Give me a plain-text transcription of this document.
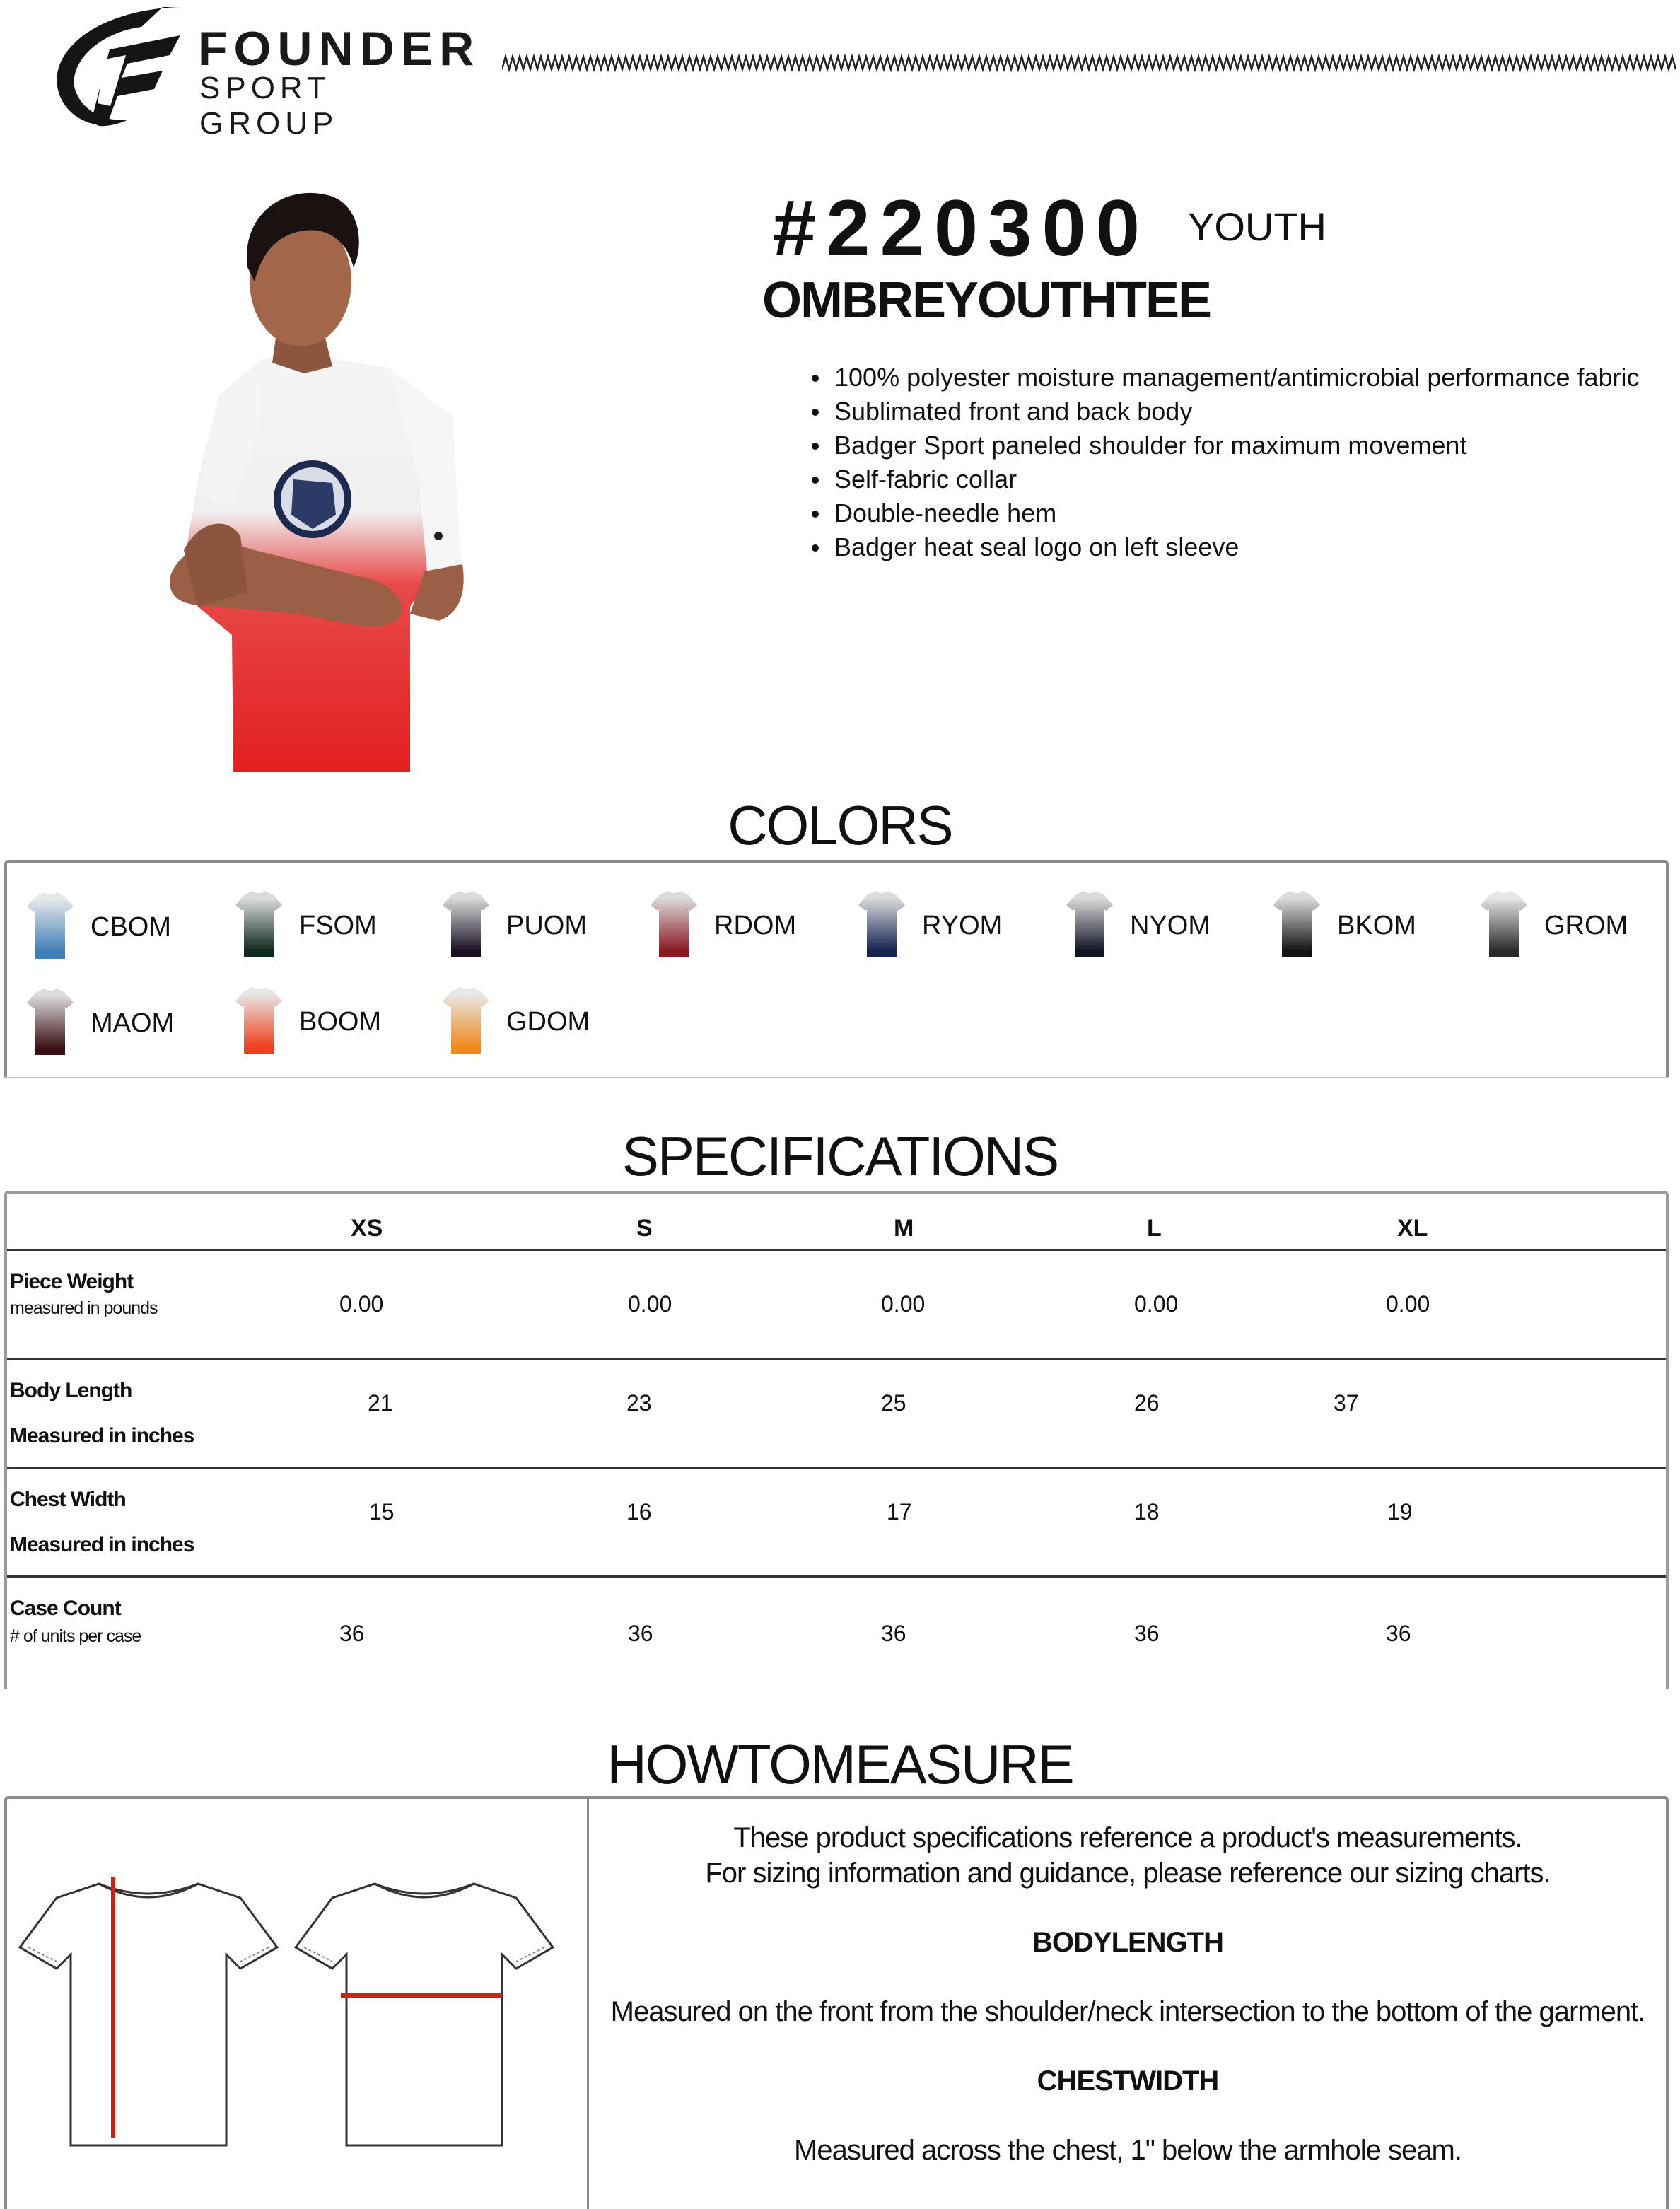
FOUNDER
SPORT GROUP
#220300 YOUTH
OMBREYOUTHTEE
100% polyester moisture management/antimicrobial performance fabric
Sublimated front and back body
Badger Sport paneled shoulder for maximum movement
Self-fabric collar
Double-needle hem
Badger heat seal logo on left sleeve
COLORS
CBOM	FSOM	PUOM	RDOM	RYOM	NYOM	BKOM	GROM
MAOM	BOOM	GDOM
SPECIFICATIONS
XS	S	M	L	XL
Piece Weight
measured in pounds	0.00	0.00	0.00	0.00	0.00
Body Length
Measured in inches
21	23	25	26	37
Chest Width
Measured in inches
15	16	17	18	19
Case Count
# of units per case	36	36	36	36	36
HOWTOMEASURE

These product specifications reference a product's measurements.

For sizing information and guidance, please reference our sizing charts.

BODYLENGTH

Measured on the front from the shoulder/neck intersection to the bottom of the garment.

CHESTWIDTH

Measured across the chest, 1" below the armhole seam.
